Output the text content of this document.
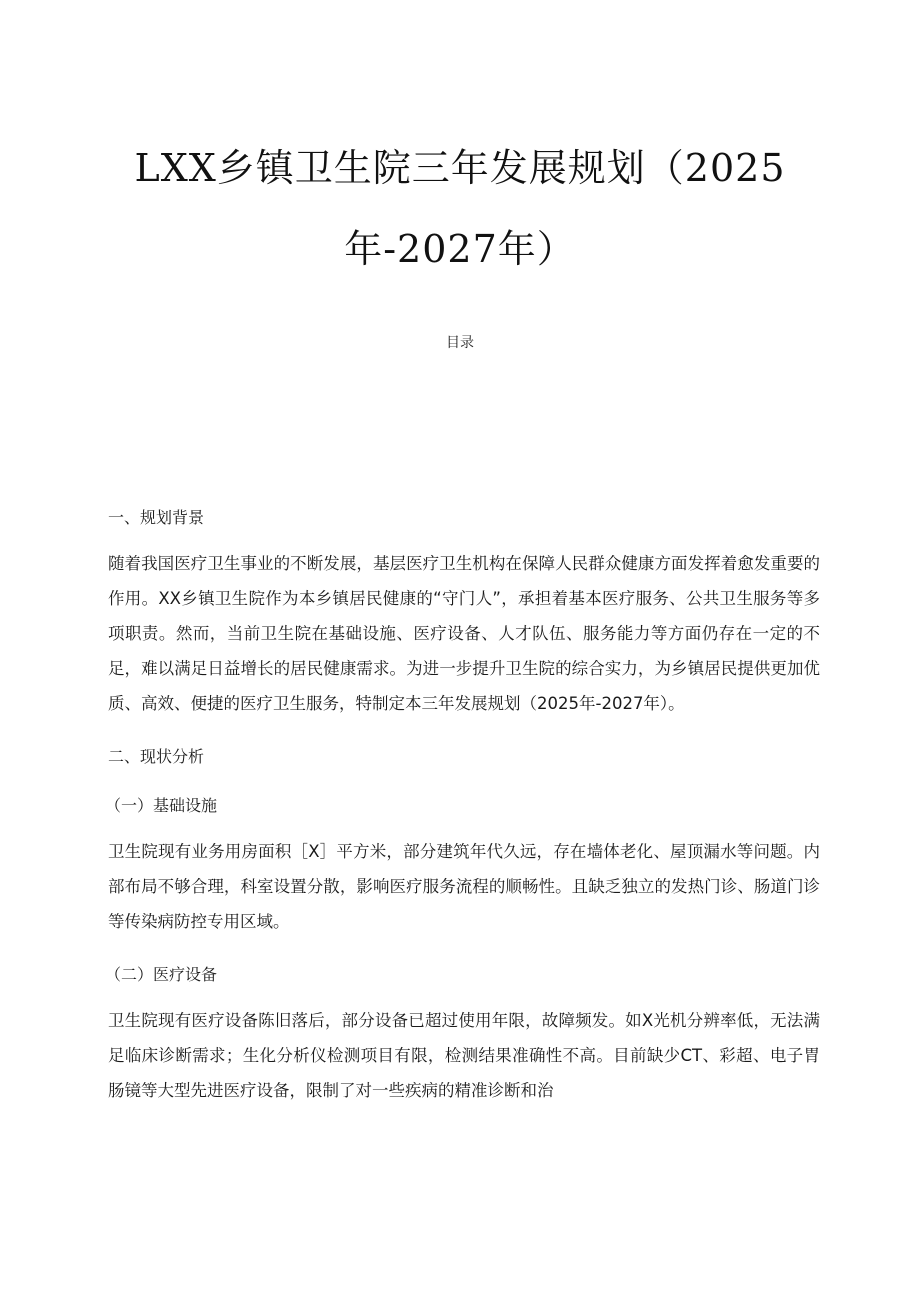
LXX乡镇卫生院三年发展规划（2025
年-2027年）
目录
一、规划背景

随着我国医疗卫生事业的不断发展，基层医疗卫生机构在保障人民群众健康方面发挥着愈发重要的作用。XX乡镇卫生院作为本乡镇居民健康的“守门人”，承担着基本医疗服务、公共卫生服务等多项职责。然而，当前卫生院在基础设施、医疗设备、人才队伍、服务能力等方面仍存在一定的不足，难以满足日益增长的居民健康需求。为进一步提升卫生院的综合实力，为乡镇居民提供更加优质、高效、便捷的医疗卫生服务，特制定本三年发展规划（2025年-2027年）。

二、现状分析
（一）基础设施

卫生院现有业务用房面积［X］平方米，部分建筑年代久远，存在墙体老化、屋顶漏水等问题。内部布局不够合理，科室设置分散，影响医疗服务流程的顺畅性。且缺乏独立的发热门诊、肠道门诊等传染病防控专用区域。

（二）医疗设备

卫生院现有医疗设备陈旧落后，部分设备已超过使用年限，故障频发。如X光机分辨率低，无法满足临床诊断需求；生化分析仪检测项目有限，检测结果准确性不高。目前缺少CT、彩超、电子胃肠镜等大型先进医疗设备，限制了对一些疾病的精准诊断和治
